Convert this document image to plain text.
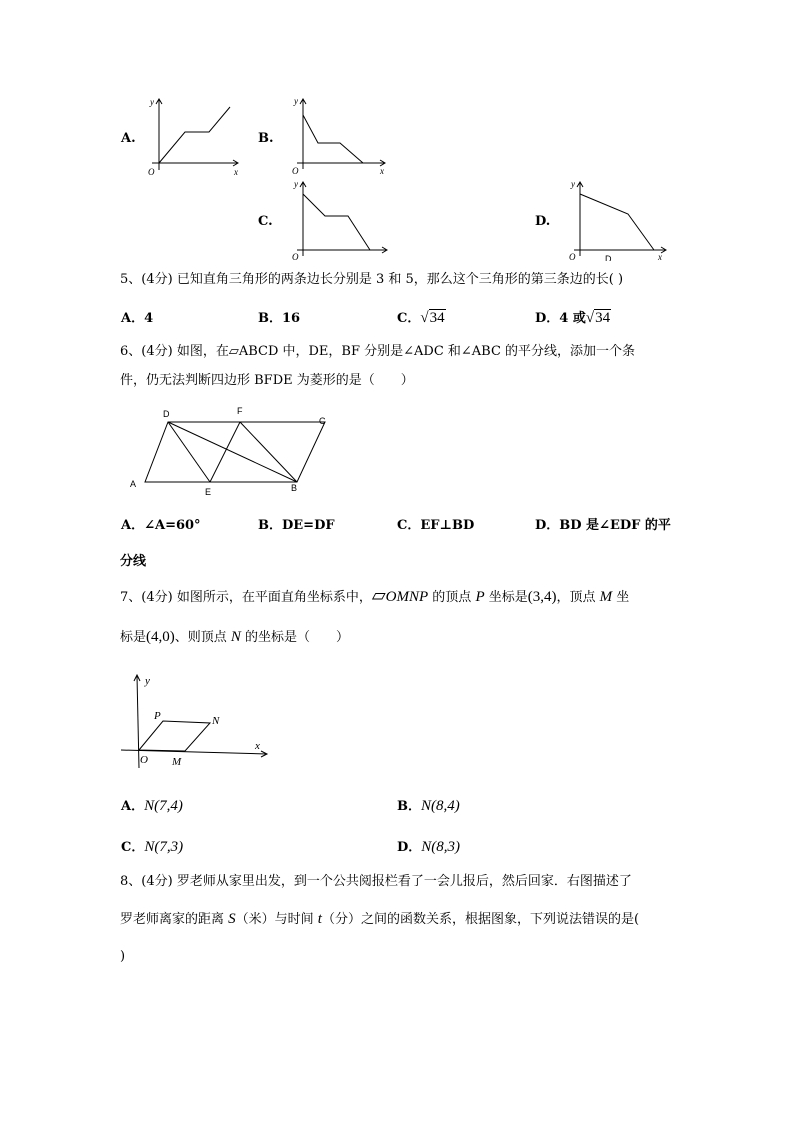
A.
y
O	x
B.
y
O	x
C.
y
O
D.
y
O	x
D
5、(4分) 已知直角三角形的两条边长分别是 3 和 5，那么这个三角形的第三条边的长( )
A．4	B．16	C．√34	D．4 或√34
6、(4分) 如图，在▱ABCD 中，DE，BF 分别是∠ADC 和∠ABC 的平分线，添加一个条
件，仍无法判断四边形 BFDE 为菱形的是（　　）
D	F
C
A
E	B
A．∠A=60°	B．DE=DF	C．EF⊥BD	D．BD 是∠EDF 的平
分线
7、(4分) 如图所示，在平面直角坐标系中，▱OMNP 的顶点 P 坐标是(3,4)，顶点 M 坐
标是(4,0)、则顶点 N 的坐标是（　　）
y
x
P	N
O M
A．N(7,4)	B．N(8,4)
C．N(7,3)	D．N(8,3)
8、(4分) 罗老师从家里出发，到一个公共阅报栏看了一会儿报后，然后回家．右图描述了
罗老师离家的距离 S（米）与时间 t（分）之间的函数关系，根据图象，下列说法错误的是(
)
